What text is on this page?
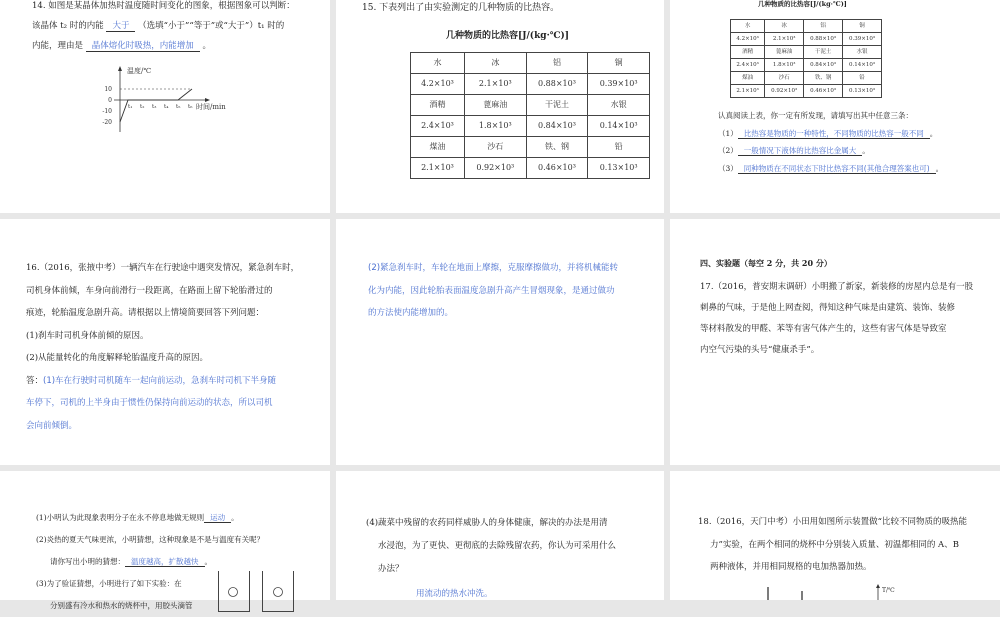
14. 如图是某晶体加热时温度随时间变化的图象，根据图象可以判断：

该晶体 t₂ 时的内能 大于 （选填“小于”“等于”或“大于”）t₁ 时的

内能，理由是 晶体熔化时吸热，内能增加 。

温度/℃
时间/min
10
0
-10
-20
t₁ t₂ t₃ t₄ t₅ t₆

15. 下表列出了由实验测定的几种物质的比热容。

几种物质的比热容[J/(kg·℃)]

水	冰	铝	铜
4.2×10³	2.1×10³	0.88×10³	0.39×10³
酒精	蓖麻油	干泥土	水银
2.4×10³	1.8×10³	0.84×10³	0.14×10³
煤油	沙石	铁、钢	铅
2.1×10³	0.92×10³	0.46×10³	0.13×10³

几种物质的比热容[J/(kg·℃)]

水	冰	铝	铜
4.2×10³	2.1×10³	0.88×10³	0.39×10³
酒精	蓖麻油	干泥土	水银
2.4×10³	1.8×10³	0.84×10³	0.14×10³
煤油	沙石	铁、钢	铅
2.1×10³	0.92×10³	0.46×10³	0.13×10³

认真阅读上表，你一定有所发现，请填写出其中任意三条：

（1） 比热容是物质的一种特性，不同物质的比热容一般不同 。

（2） 一般情况下液体的比热容比金属大 。

（3） 同种物质在不同状态下时比热容不同(其他合理答案也可) 。

16.（2016，张掖中考）一辆汽车在行驶途中遇突发情况，紧急刹车时，

司机身体前倾，车身向前滑行一段距离，在路面上留下轮胎滑过的

痕迹，轮胎温度急剧升高。请根据以上情境简要回答下列问题：

(1)刹车时司机身体前倾的原因。

(2)从能量转化的角度解释轮胎温度升高的原因。

答：(1)车在行驶时司机随车一起向前运动，急刹车时司机下半身随

车停下，司机的上半身由于惯性仍保持向前运动的状态，所以司机

会向前倾倒。

(2)紧急刹车时，车轮在地面上摩擦，克服摩擦做功，并将机械能转

化为内能，因此轮胎表面温度急剧升高产生冒烟现象，是通过做功

的方法使内能增加的。

四、实验题（每空 2 分，共 20 分）

17.（2016，普安期末调研）小明搬了新家，新装修的房屋内总是有一股

刺鼻的气味，于是他上网查阅，得知这种气味是由建筑、装饰、装修

等材料散发的甲醛、苯等有害气体产生的，这些有害气体是导致室

内空气污染的头号“健康杀手”。

(1)小明认为此现象表明分子在永不停息地做无规则 运动 。

(2)炎热的夏天气味更浓，小明猜想，这种现象是不是与温度有关呢？

请你写出小明的猜想： 温度越高，扩散越快 。

(3)为了验证猜想，小明进行了如下实验：在

分别盛有冷水和热水的烧杯中，用胶头滴管

(4)蔬菜中残留的农药同样威胁人的身体健康，解决的办法是用清

水浸泡，为了更快、更彻底的去除残留农药，你认为可采用什么

办法？

用流动的热水冲洗。

18.（2016，天门中考）小田用如图所示装置做“比较不同物质的吸热能

力”实验，在两个相同的烧杯中分别装入质量、初温都相同的 A、B

两种液体，并用相同规格的电加热器加热。

T/℃
